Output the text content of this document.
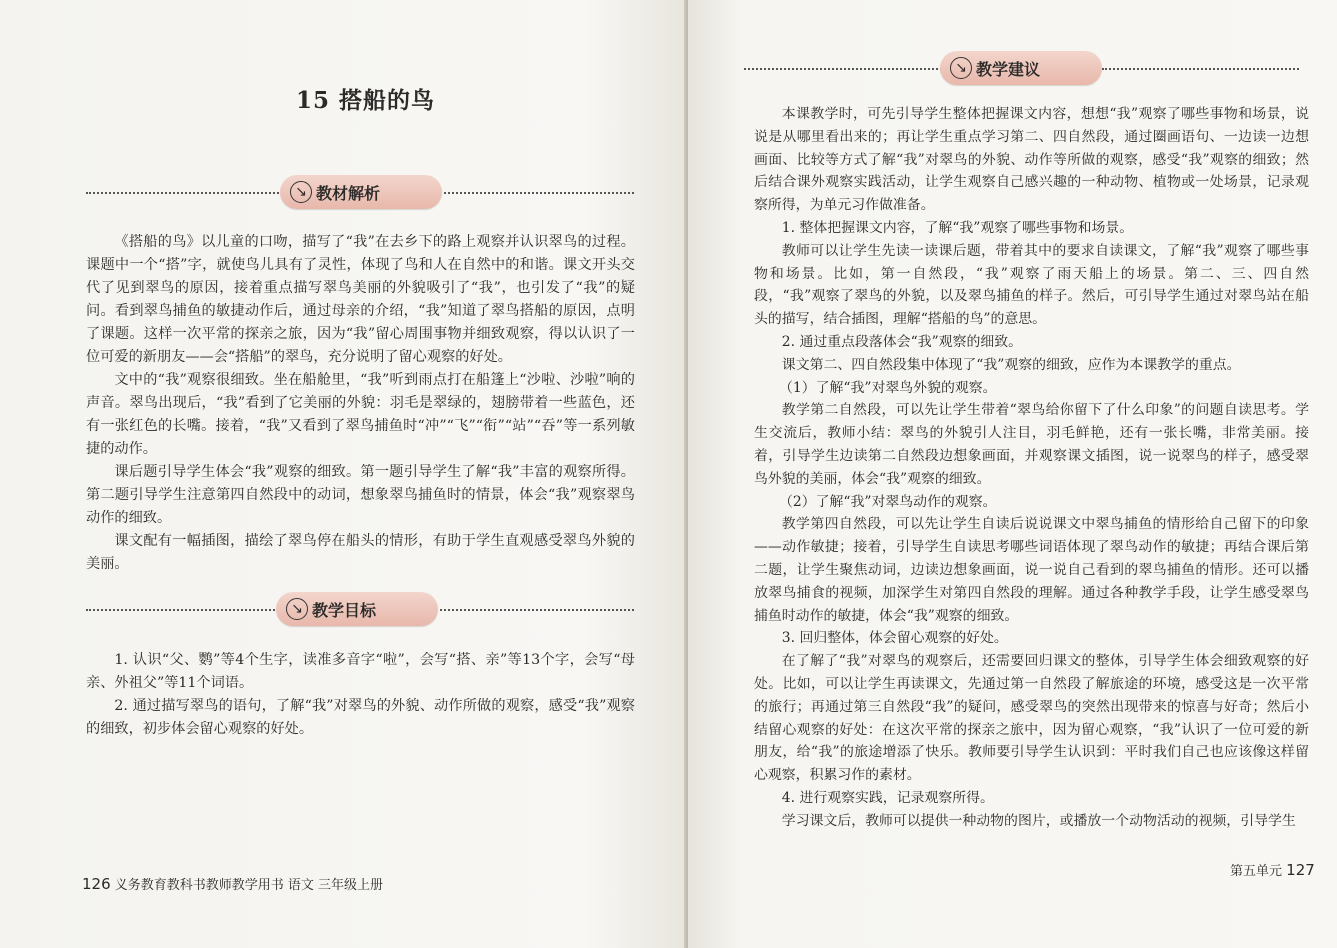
15 搭船的鸟
↘ 教材解析

《搭船的鸟》以儿童的口吻，描写了“我”在去乡下的路上观察并认识翠鸟的过程。课题中一个“搭”字，就使鸟儿具有了灵性，体现了鸟和人在自然中的和谐。课文开头交代了见到翠鸟的原因，接着重点描写翠鸟美丽的外貌吸引了“我”，也引发了“我”的疑问。看到翠鸟捕鱼的敏捷动作后，通过母亲的介绍，“我”知道了翠鸟搭船的原因，点明了课题。这样一次平常的探亲之旅，因为“我”留心周围事物并细致观察，得以认识了一位可爱的新朋友——会“搭船”的翠鸟，充分说明了留心观察的好处。

文中的“我”观察很细致。坐在船舱里，“我”听到雨点打在船篷上“沙啦、沙啦”响的声音。翠鸟出现后，“我”看到了它美丽的外貌：羽毛是翠绿的，翅膀带着一些蓝色，还有一张红色的长嘴。接着，“我”又看到了翠鸟捕鱼时“冲”“飞”“衔”“站”“吞”等一系列敏捷的动作。

课后题引导学生体会“我”观察的细致。第一题引导学生了解“我”丰富的观察所得。第二题引导学生注意第四自然段中的动词，想象翠鸟捕鱼时的情景，体会“我”观察翠鸟动作的细致。

课文配有一幅插图，描绘了翠鸟停在船头的情形，有助于学生直观感受翠鸟外貌的美丽。

↘ 教学目标

1. 认识“父、鹦”等4个生字，读准多音字“啦”，会写“搭、亲”等13个字，会写“母亲、外祖父”等11个词语。

2. 通过描写翠鸟的语句，了解“我”对翠鸟的外貌、动作所做的观察，感受“我”观察的细致，初步体会留心观察的好处。

126 义务教育教科书教师教学用书 语文 三年级上册
↘ 教学建议

本课教学时，可先引导学生整体把握课文内容，想想“我”观察了哪些事物和场景，说说是从哪里看出来的；再让学生重点学习第二、四自然段，通过圈画语句、一边读一边想画面、比较等方式了解“我”对翠鸟的外貌、动作等所做的观察，感受“我”观察的细致；然后结合课外观察实践活动，让学生观察自己感兴趣的一种动物、植物或一处场景，记录观察所得，为单元习作做准备。

1. 整体把握课文内容，了解“我”观察了哪些事物和场景。

教师可以让学生先读一读课后题，带着其中的要求自读课文，了解“我”观察了哪些事物和场景。比如，第一自然段，“我”观察了雨天船上的场景。第二、三、四自然段，“我”观察了翠鸟的外貌，以及翠鸟捕鱼的样子。然后，可引导学生通过对翠鸟站在船头的描写，结合插图，理解“搭船的鸟”的意思。

2. 通过重点段落体会“我”观察的细致。

课文第二、四自然段集中体现了“我”观察的细致，应作为本课教学的重点。

（1）了解“我”对翠鸟外貌的观察。

教学第二自然段，可以先让学生带着“翠鸟给你留下了什么印象”的问题自读思考。学生交流后，教师小结：翠鸟的外貌引人注目，羽毛鲜艳，还有一张长嘴，非常美丽。接着，引导学生边读第二自然段边想象画面，并观察课文插图，说一说翠鸟的样子，感受翠鸟外貌的美丽，体会“我”观察的细致。

（2）了解“我”对翠鸟动作的观察。

教学第四自然段，可以先让学生自读后说说课文中翠鸟捕鱼的情形给自己留下的印象——动作敏捷；接着，引导学生自读思考哪些词语体现了翠鸟动作的敏捷；再结合课后第二题，让学生聚焦动词，边读边想象画面，说一说自己看到的翠鸟捕鱼的情形。还可以播放翠鸟捕食的视频，加深学生对第四自然段的理解。通过各种教学手段，让学生感受翠鸟捕鱼时动作的敏捷，体会“我”观察的细致。

3. 回归整体，体会留心观察的好处。

在了解了“我”对翠鸟的观察后，还需要回归课文的整体，引导学生体会细致观察的好处。比如，可以让学生再读课文，先通过第一自然段了解旅途的环境，感受这是一次平常的旅行；再通过第三自然段“我”的疑问，感受翠鸟的突然出现带来的惊喜与好奇；然后小结留心观察的好处：在这次平常的探亲之旅中，因为留心观察，“我”认识了一位可爱的新朋友，给“我”的旅途增添了快乐。教师要引导学生认识到：平时我们自己也应该像这样留心观察，积累习作的素材。

4. 进行观察实践，记录观察所得。

学习课文后，教师可以提供一种动物的图片，或播放一个动物活动的视频，引导学生

第五单元 127
